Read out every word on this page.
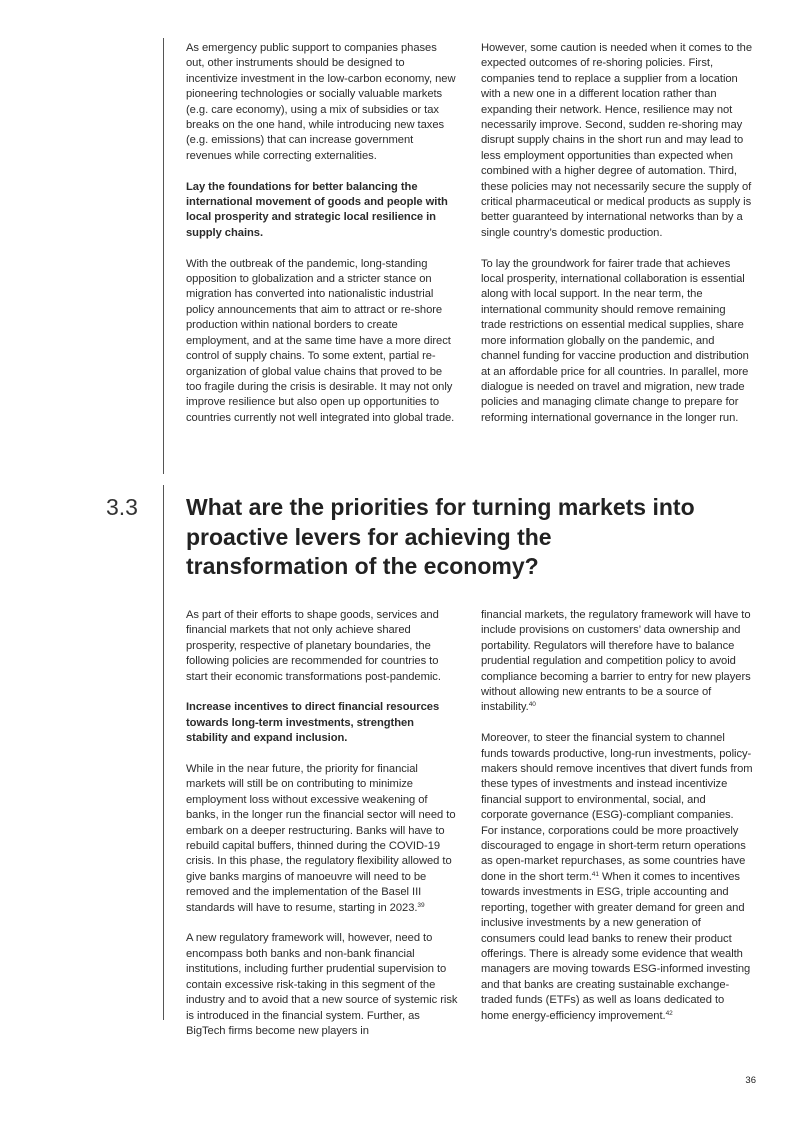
As emergency public support to companies phases out, other instruments should be designed to incentivize investment in the low-carbon economy, new pioneering technologies or socially valuable markets (e.g. care economy), using a mix of subsidies or tax breaks on the one hand, while introducing new taxes (e.g. emissions) that can increase government revenues while correcting externalities.

Lay the foundations for better balancing the international movement of goods and people with local prosperity and strategic local resilience in supply chains.

With the outbreak of the pandemic, long-standing opposition to globalization and a stricter stance on migration has converted into nationalistic industrial policy announcements that aim to attract or re-shore production within national borders to create employment, and at the same time have a more direct control of supply chains. To some extent, partial re-organization of global value chains that proved to be too fragile during the crisis is desirable. It may not only improve resilience but also open up opportunities to countries currently not well integrated into global trade.

However, some caution is needed when it comes to the expected outcomes of re-shoring policies. First, companies tend to replace a supplier from a location with a new one in a different location rather than expanding their network. Hence, resilience may not necessarily improve. Second, sudden re-shoring may disrupt supply chains in the short run and may lead to less employment opportunities than expected when combined with a higher degree of automation. Third, these policies may not necessarily secure the supply of critical pharmaceutical or medical products as supply is better guaranteed by international networks than by a single country’s domestic production.

To lay the groundwork for fairer trade that achieves local prosperity, international collaboration is essential along with local support. In the near term, the international community should remove remaining trade restrictions on essential medical supplies, share more information globally on the pandemic, and channel funding for vaccine production and distribution at an affordable price for all countries. In parallel, more dialogue is needed on travel and migration, new trade policies and managing climate change to prepare for reforming international governance in the longer run.

3.3 What are the priorities for turning markets into proactive levers for achieving the transformation of the economy?

As part of their efforts to shape goods, services and financial markets that not only achieve shared prosperity, respective of planetary boundaries, the following policies are recommended for countries to start their economic transformations post-pandemic.

Increase incentives to direct financial resources towards long-term investments, strengthen stability and expand inclusion.

While in the near future, the priority for financial markets will still be on contributing to minimize employment loss without excessive weakening of banks, in the longer run the financial sector will need to embark on a deeper restructuring. Banks will have to rebuild capital buffers, thinned during the COVID-19 crisis. In this phase, the regulatory flexibility allowed to give banks margins of manoeuvre will need to be removed and the implementation of the Basel III standards will have to resume, starting in 2023.39

A new regulatory framework will, however, need to encompass both banks and non-bank financial institutions, including further prudential supervision to contain excessive risk-taking in this segment of the industry and to avoid that a new source of systemic risk is introduced in the financial system. Further, as BigTech firms become new players in

financial markets, the regulatory framework will have to include provisions on customers’ data ownership and portability. Regulators will therefore have to balance prudential regulation and competition policy to avoid compliance becoming a barrier to entry for new players without allowing new entrants to be a source of instability.$^{40}$

Moreover, to steer the financial system to channel funds towards productive, long-run investments, policy-makers should remove incentives that divert funds from these types of investments and instead incentivize financial support to environmental, social, and corporate governance (ESG)-compliant companies. For instance, corporations could be more proactively discouraged to engage in short-term return operations as open-market repurchases, as some countries have done in the short term.$^{41}$ When it comes to incentives towards investments in ESG, triple accounting and reporting, together with greater demand for green and inclusive investments by a new generation of consumers could lead banks to renew their product offerings. There is already some evidence that wealth managers are moving towards ESG-informed investing and that banks are creating sustainable exchange-traded funds (ETFs) as well as loans dedicated to home energy-efficiency improvement.$^{42}$

36
